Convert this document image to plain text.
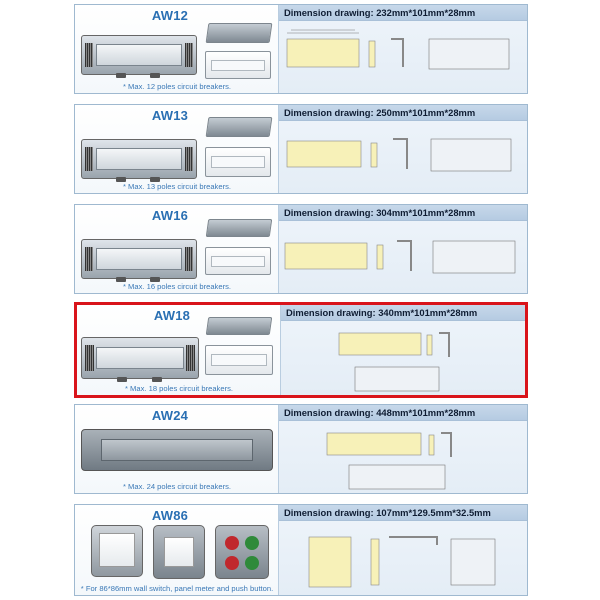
AW12
* Max. 12 poles circuit breakers.
Dimension drawing: 232mm*101mm*28mm
AW13
* Max. 13 poles circuit breakers.
Dimension drawing: 250mm*101mm*28mm
AW16
* Max. 16 poles circuit breakers.
Dimension drawing: 304mm*101mm*28mm
AW18
* Max. 18 poles circuit breakers.
Dimension drawing: 340mm*101mm*28mm
AW24
* Max. 24 poles circuit breakers.
Dimension drawing: 448mm*101mm*28mm
AW86
* For 86*86mm wall switch, panel meter and push button.
Dimension drawing: 107mm*129.5mm*32.5mm
